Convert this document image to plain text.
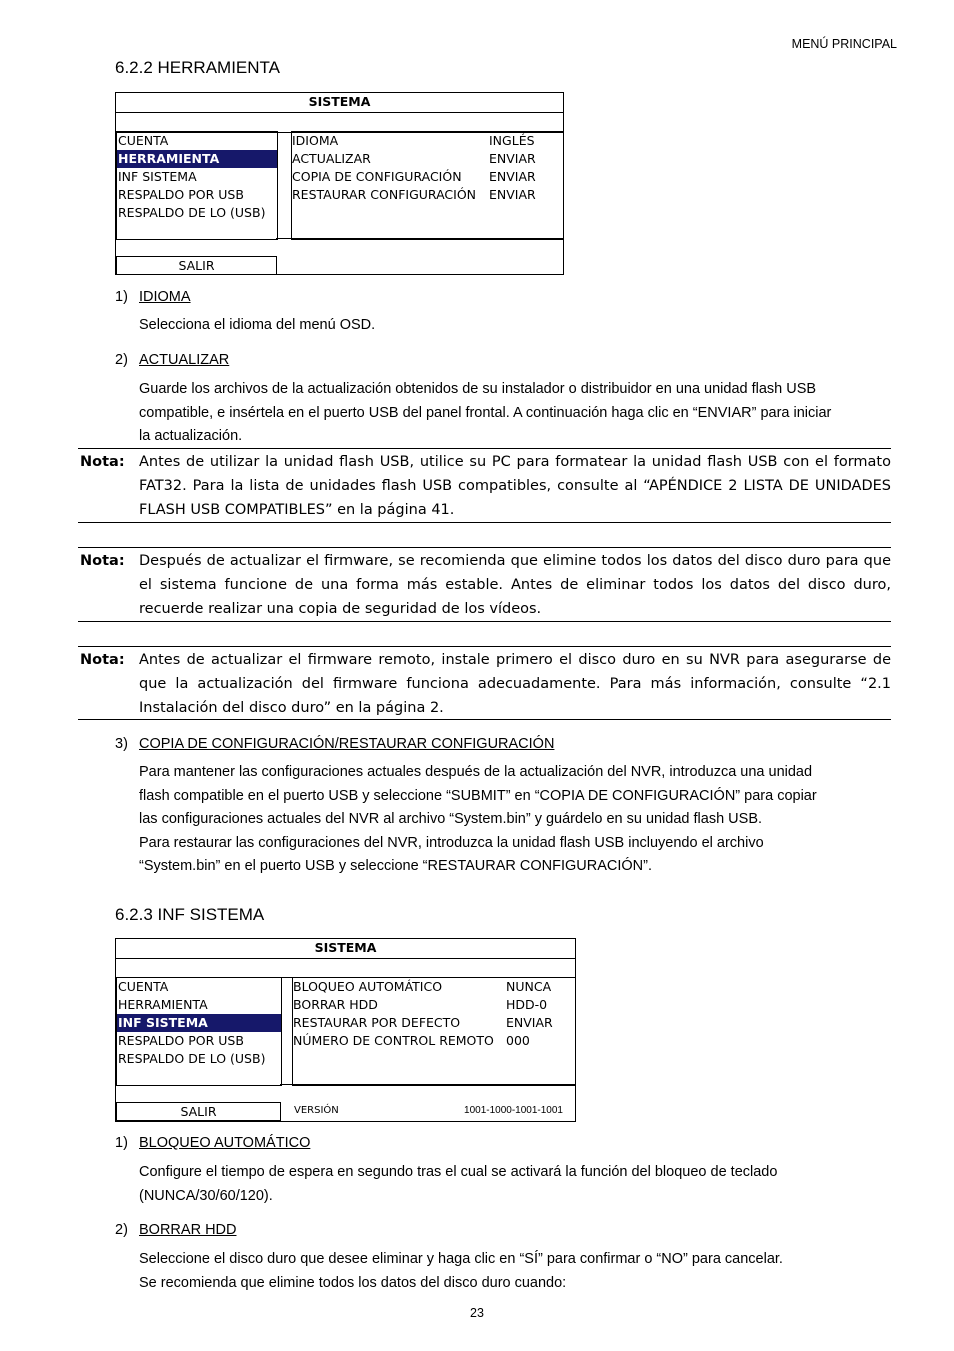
MENÚ PRINCIPAL
6.2.2 HERRAMIENTA
SISTEMA
CUENTA
HERRAMIENTA
INF SISTEMA
RESPALDO POR USB
RESPALDO DE LO (USB)
IDIOMA	INGLÉS
ACTUALIZAR	ENVIAR
COPIA DE CONFIGURACIÓN ENVIAR
RESTAURAR CONFIGURACIÓN ENVIAR
SALIR
1) IDIOMA
Selecciona el idioma del menú OSD.
2) ACTUALIZAR
Guarde los archivos de la actualización obtenidos de su instalador o distribuidor en una unidad flash USB
compatible, e insértela en el puerto USB del panel frontal. A continuación haga clic en “ENVIAR” para iniciar
la actualización.
Nota: Antes de utilizar la unidad flash USB, utilice su PC para formatear la unidad flash USB con el formato FAT32. Para la lista de unidades flash USB compatibles, consulte al “APÉNDICE 2 LISTA DE UNIDADES FLASH USB COMPATIBLES” en la página 41.
Nota: Después de actualizar el firmware, se recomienda que elimine todos los datos del disco duro para que el sistema funcione de una forma más estable. Antes de eliminar todos los datos del disco duro, recuerde realizar una copia de seguridad de los vídeos.
Nota: Antes de actualizar el firmware remoto, instale primero el disco duro en su NVR para asegurarse de que la actualización del firmware funciona adecuadamente. Para más información, consulte “2.1 Instalación del disco duro” en la página 2.
3) COPIA DE CONFIGURACIÓN/RESTAURAR CONFIGURACIÓN
Para mantener las configuraciones actuales después de la actualización del NVR, introduzca una unidad
flash compatible en el puerto USB y seleccione “SUBMIT” en “COPIA DE CONFIGURACIÓN” para copiar
las configuraciones actuales del NVR al archivo “System.bin” y guárdelo en su unidad flash USB.
Para restaurar las configuraciones del NVR, introduzca la unidad flash USB incluyendo el archivo
“System.bin” en el puerto USB y seleccione “RESTAURAR CONFIGURACIÓN”.
6.2.3 INF SISTEMA
SISTEMA
CUENTA
HERRAMIENTA
INF SISTEMA
RESPALDO POR USB
RESPALDO DE LO (USB)
BLOQUEO AUTOMÁTICO	NUNCA
BORRAR HDD	HDD-0
RESTAURAR POR DEFECTO	ENVIAR
NÚMERO DE CONTROL REMOTO 000
SALIR	VERSIÓN	1001-1000-1001-1001
1) BLOQUEO AUTOMÁTICO
Configure el tiempo de espera en segundo tras el cual se activará la función del bloqueo de teclado
(NUNCA/30/60/120).
2) BORRAR HDD
Seleccione el disco duro que desee eliminar y haga clic en “SÍ” para confirmar o “NO” para cancelar.
Se recomienda que elimine todos los datos del disco duro cuando:
23
